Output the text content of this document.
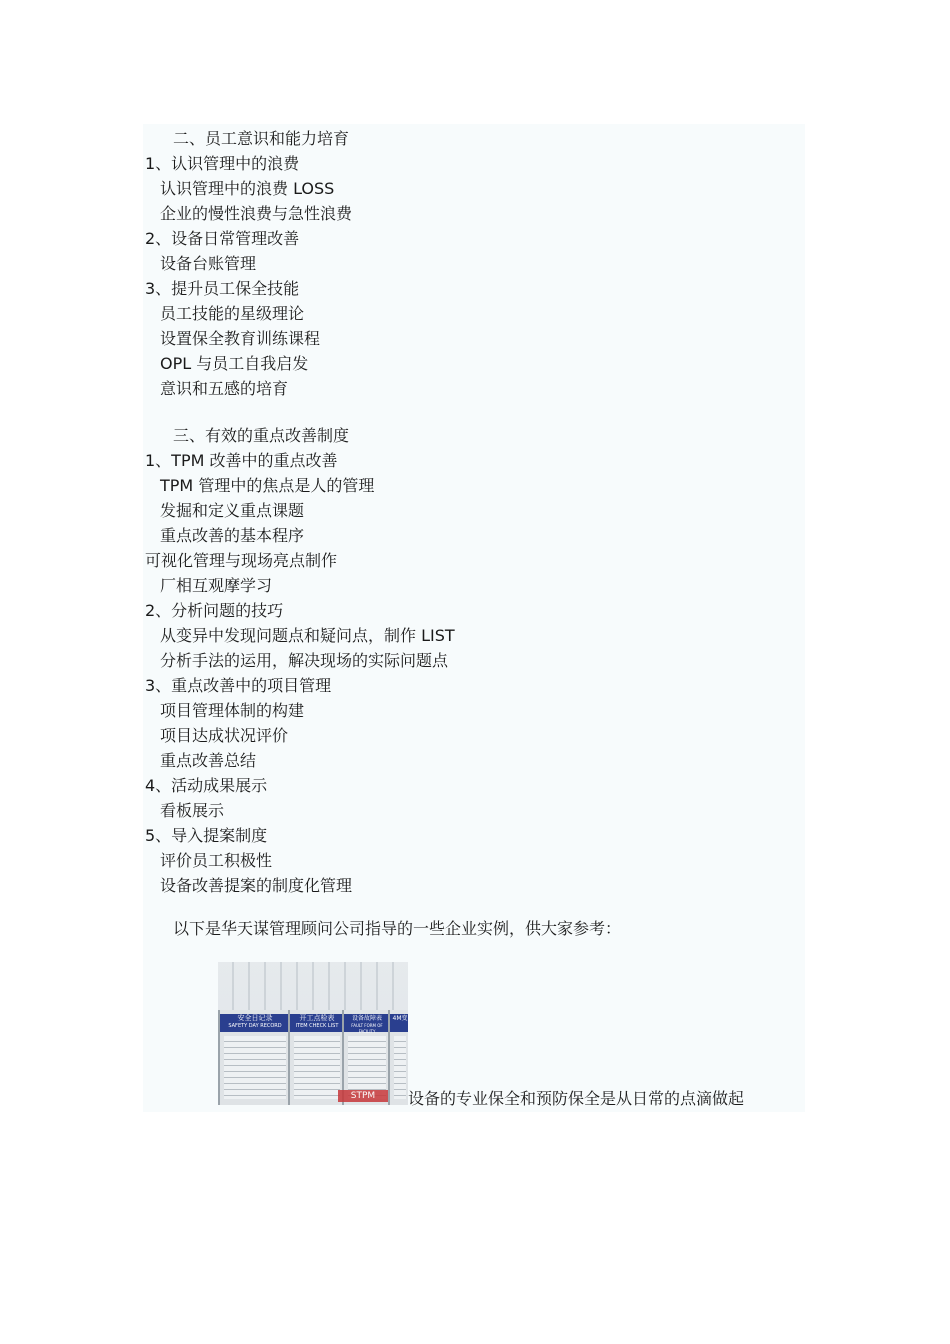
二、员工意识和能力培育
1、认识管理中的浪费
认识管理中的浪费 LOSS
企业的慢性浪费与急性浪费
2、设备日常管理改善
设备台账管理
3、提升员工保全技能
员工技能的星级理论
设置保全教育训练课程
OPL 与员工自我启发
意识和五感的培育
三、有效的重点改善制度
1、TPM 改善中的重点改善
TPM 管理中的焦点是人的管理
发掘和定义重点课题
重点改善的基本程序
可视化管理与现场亮点制作
厂相互观摩学习
2、分析问题的技巧
从变异中发现问题点和疑问点，制作 LIST
分析手法的运用，解决现场的实际问题点
3、重点改善中的项目管理
项目管理体制的构建
项目达成状况评价
重点改善总结
4、活动成果展示
看板展示
5、导入提案制度
评价员工积极性
设备改善提案的制度化管理
以下是华天谋管理顾问公司指导的一些企业实例，供大家参考：
设备的专业保全和预防保全是从日常的点滴做起
安全日记录
SAFETY DAY RECORD
开工点检表
ITEM CHECK LIST
设备故障表
FAULT FORM OF FACILITY
4M变
STPM
